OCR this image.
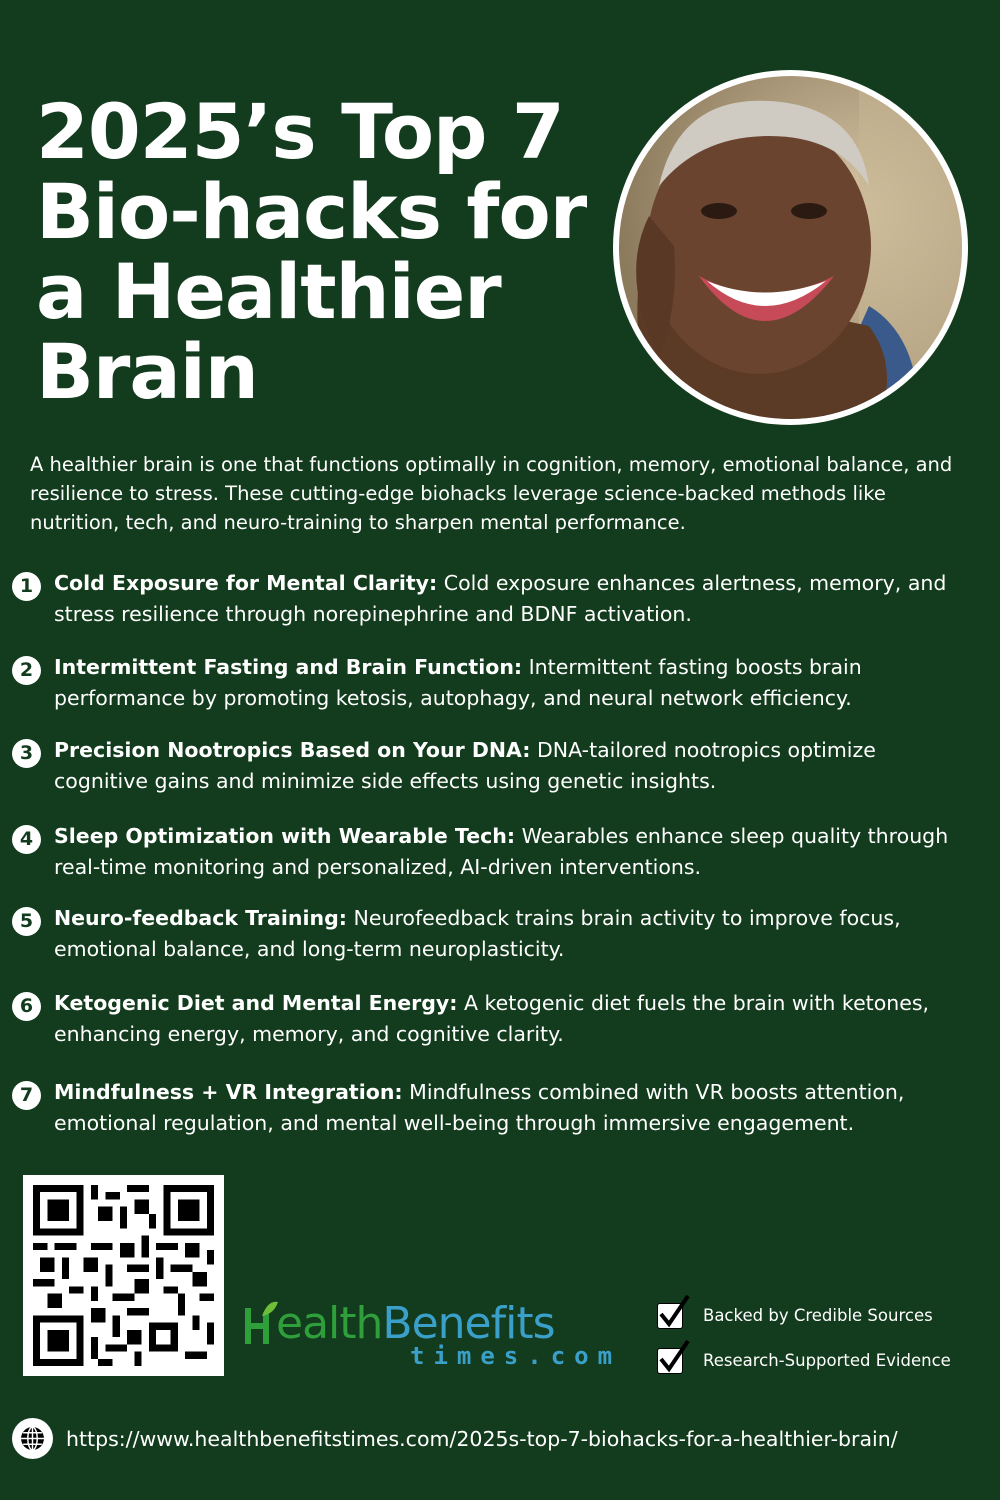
2025’s Top 7
Bio-hacks for
a Healthier
Brain

A healthier brain is one that functions optimally in cognition, memory, emotional balance, and resilience to stress. These cutting-edge biohacks leverage science-backed methods like nutrition, tech, and neuro-training to sharpen mental performance.

1	Cold Exposure for Mental Clarity: Cold exposure enhances alertness, memory, and stress resilience through norepinephrine and BDNF activation.
2	Intermittent Fasting and Brain Function: Intermittent fasting boosts brain performance by promoting ketosis, autophagy, and neural network efficiency.
3	Precision Nootropics Based on Your DNA: DNA-tailored nootropics optimize cognitive gains and minimize side effects using genetic insights.
4	Sleep Optimization with Wearable Tech: Wearables enhance sleep quality through real-time monitoring and personalized, AI-driven interventions.
5	Neuro-feedback Training: Neurofeedback trains brain activity to improve focus, emotional balance, and long-term neuroplasticity.
6	Ketogenic Diet and Mental Energy: A ketogenic diet fuels the brain with ketones, enhancing energy, memory, and cognitive clarity.
7	Mindfulness + VR Integration: Mindfulness combined with VR boosts attention, emotional regulation, and mental well-being through immersive engagement.
ealthBenefits
times.com
Backed by Credible Sources
Research-Supported Evidence
https://www.healthbenefitstimes.com/2025s-top-7-biohacks-for-a-healthier-brain/
